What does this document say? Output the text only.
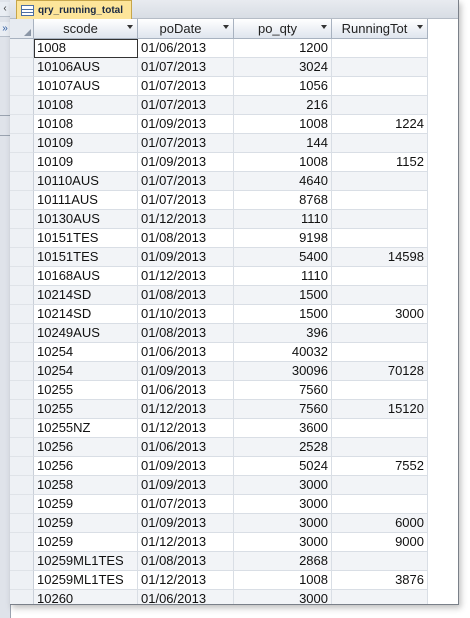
‹
»
qry_running_total
scode	poDate	po_qty	RunningTot
1008	01/06/2013	1200
10106AUS	01/07/2013	3024
10107AUS	01/07/2013	1056
10108	01/07/2013	216
10108	01/09/2013	1008	1224
10109	01/07/2013	144
10109	01/09/2013	1008	1152
10110AUS	01/07/2013	4640
10111AUS	01/07/2013	8768
10130AUS	01/12/2013	1110
10151TES	01/08/2013	9198
10151TES	01/09/2013	5400	14598
10168AUS	01/12/2013	1110
10214SD	01/08/2013	1500
10214SD	01/10/2013	1500	3000
10249AUS	01/08/2013	396
10254	01/06/2013	40032
10254	01/09/2013	30096	70128
10255	01/06/2013	7560
10255	01/12/2013	7560	15120
10255NZ	01/12/2013	3600
10256	01/06/2013	2528
10256	01/09/2013	5024	7552
10258	01/09/2013	3000
10259	01/07/2013	3000
10259	01/09/2013	3000	6000
10259	01/12/2013	3000	9000
10259ML1TES	01/08/2013	2868
10259ML1TES	01/12/2013	1008	3876
10260	01/06/2013	3000
